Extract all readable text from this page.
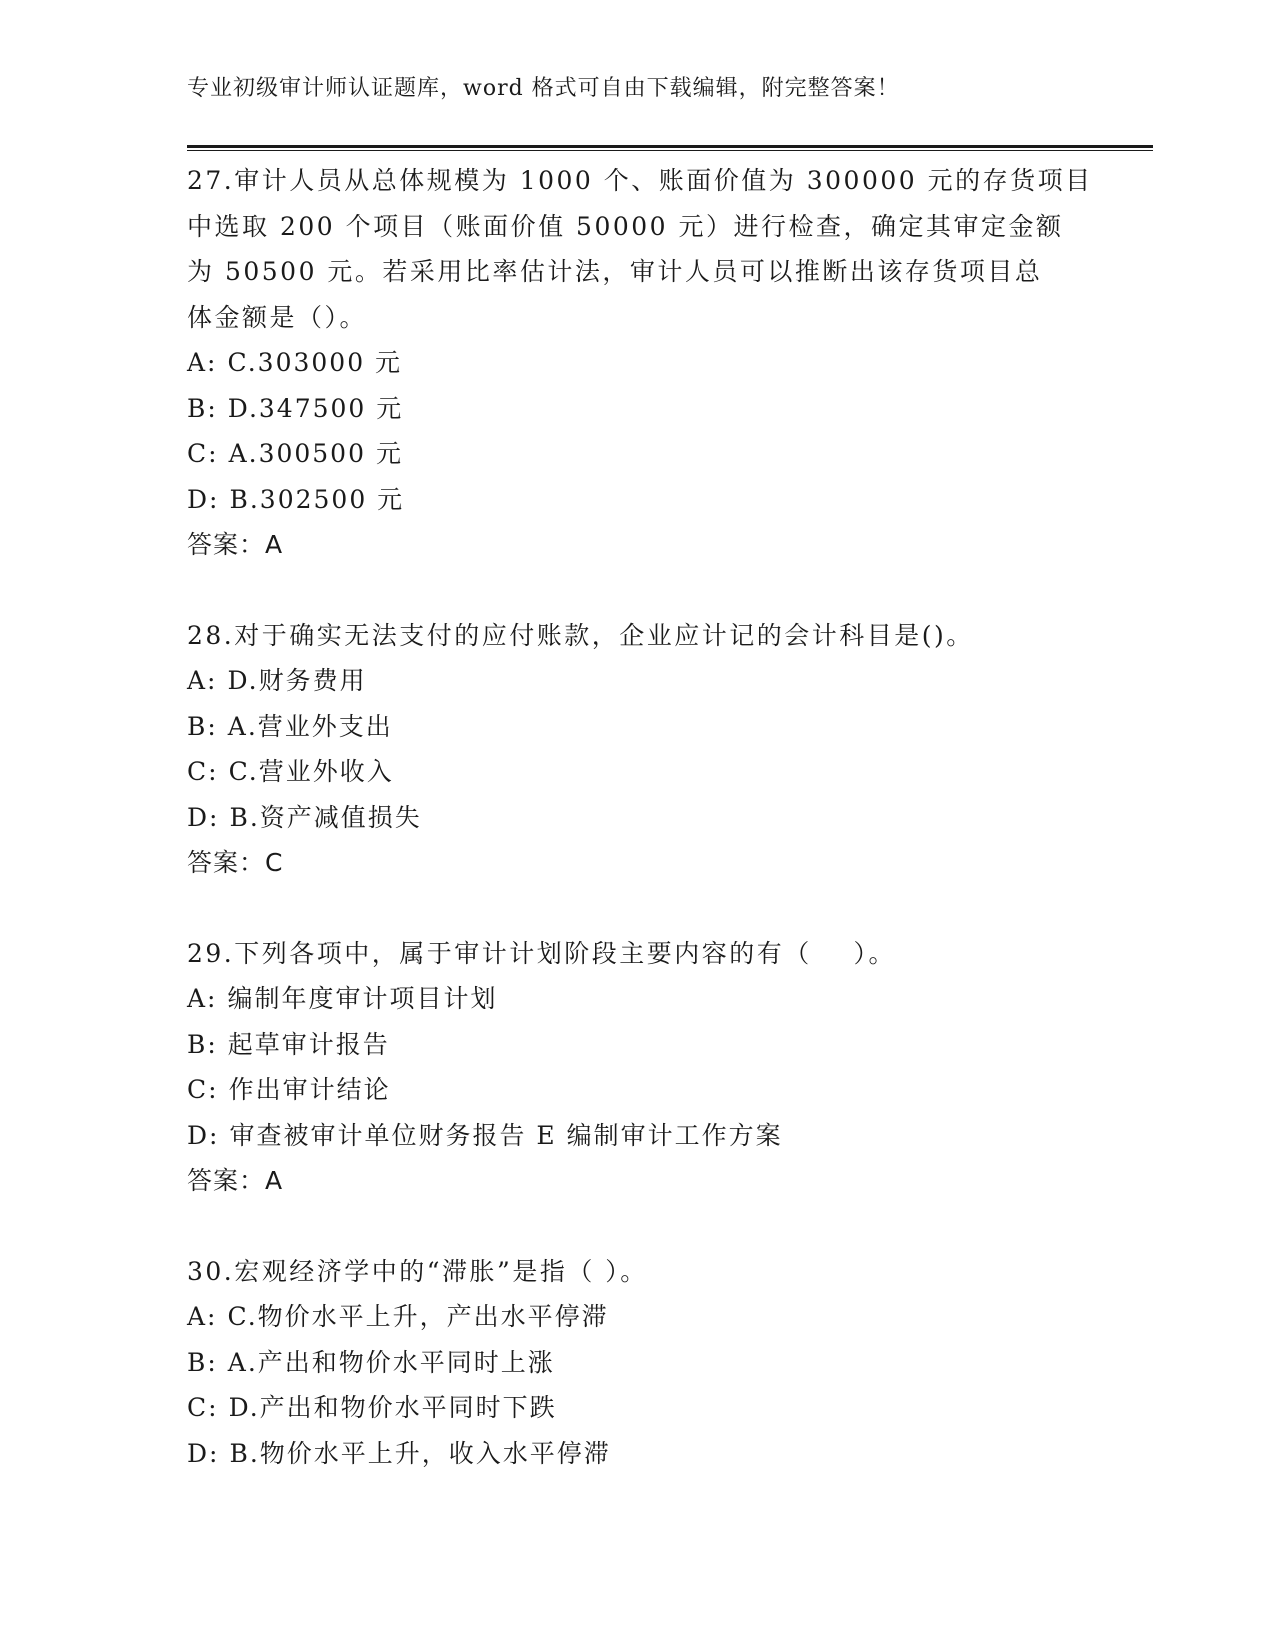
专业初级审计师认证题库，word 格式可自由下载编辑，附完整答案！

27.审计人员从总体规模为 1000 个、账面价值为 300000 元的存货项目

中选取 200 个项目（账面价值 50000 元）进行检查，确定其审定金额

为 50500 元。若采用比率估计法，审计人员可以推断出该存货项目总

体金额是（）。

A: C.303000 元

B: D.347500 元

C: A.300500 元

D: B.302500 元

答案：A

28.对于确实无法支付的应付账款，企业应计记的会计科目是()。

A: D.财务费用

B: A.营业外支出

C: C.营业外收入

D: B.资产减值损失

答案：C

29.下列各项中，属于审计计划阶段主要内容的有（    ）。

A: 编制年度审计项目计划

B: 起草审计报告

C: 作出审计结论

D: 审查被审计单位财务报告 E 编制审计工作方案

答案：A

30.宏观经济学中的“滞胀”是指（ ）。

A: C.物价水平上升，产出水平停滞

B: A.产出和物价水平同时上涨

C: D.产出和物价水平同时下跌

D: B.物价水平上升，收入水平停滞
